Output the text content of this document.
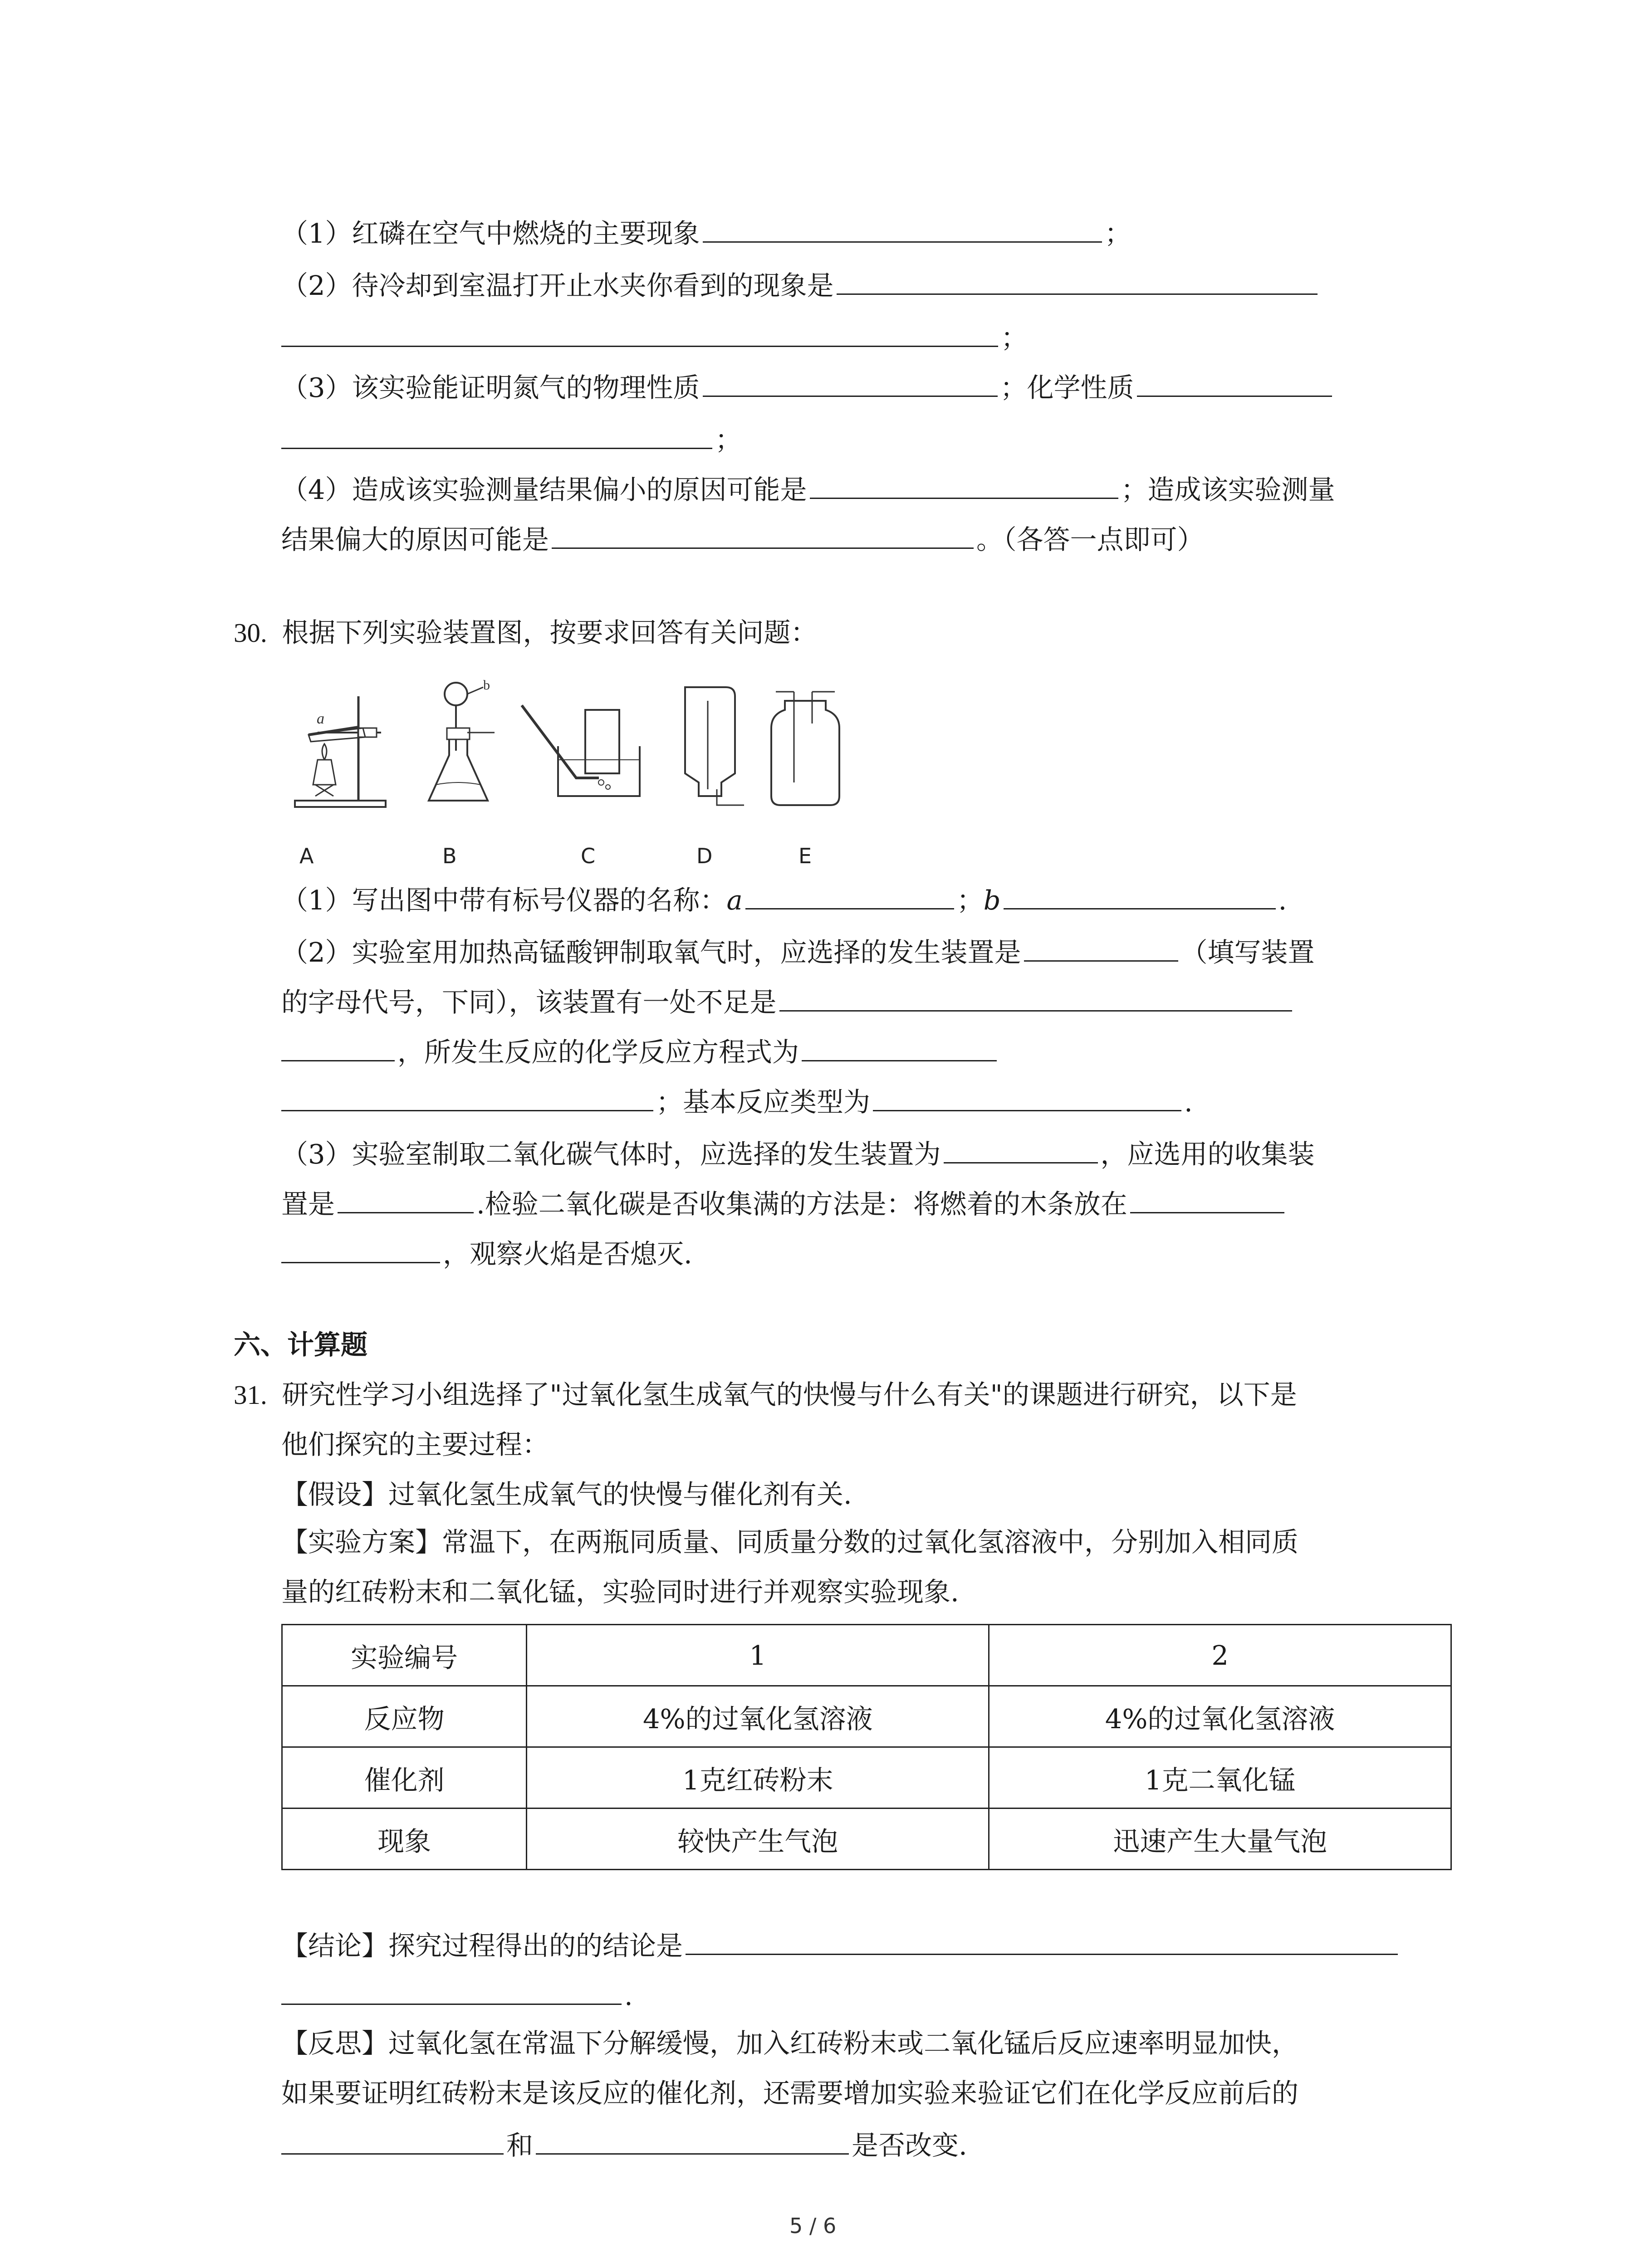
（1）红磷在空气中燃烧的主要现象	；
（2）待冷却到室温打开止水夹你看到的现象是
；
（3）该实验能证明氮气的物理性质	；化学性质
；
（4）造成该实验测量结果偏小的原因可能是	；造成该实验测量
结果偏大的原因可能是	。（各答一点即可）
30. 根据下列实验装置图，按要求回答有关问题：
a
b
A	B	C	D	E
（1）写出图中带有标号仪器的名称：a	；b	.
（2）实验室用加热高锰酸钾制取氧气时，应选择的发生装置是	（填写装置
的字母代号，下同），该装置有一处不足是
，所发生反应的化学反应方程式为
；基本反应类型为	.
（3）实验室制取二氧化碳气体时，应选择的发生装置为	，应选用的收集装
置是	.检验二氧化碳是否收集满的方法是：将燃着的木条放在
，观察火焰是否熄灭.
六、计算题
31. 研究性学习小组选择了"过氧化氢生成氧气的快慢与什么有关"的课题进行研究，以下是
他们探究的主要过程：
【假设】过氧化氢生成氧气的快慢与催化剂有关.
【实验方案】常温下，在两瓶同质量、同质量分数的过氧化氢溶液中，分别加入相同质
量的红砖粉末和二氧化锰，实验同时进行并观察实验现象.
实验编号	1	2
反应物	4%的过氧化氢溶液	4%的过氧化氢溶液
催化剂	1克红砖粉末	1克二氧化锰
现象	较快产生气泡	迅速产生大量气泡
【结论】探究过程得出的的结论是
.
【反思】过氧化氢在常温下分解缓慢，加入红砖粉末或二氧化锰后反应速率明显加快，
如果要证明红砖粉末是该反应的催化剂，还需要增加实验来验证它们在化学反应前后的
和	是否改变.
5 / 6
